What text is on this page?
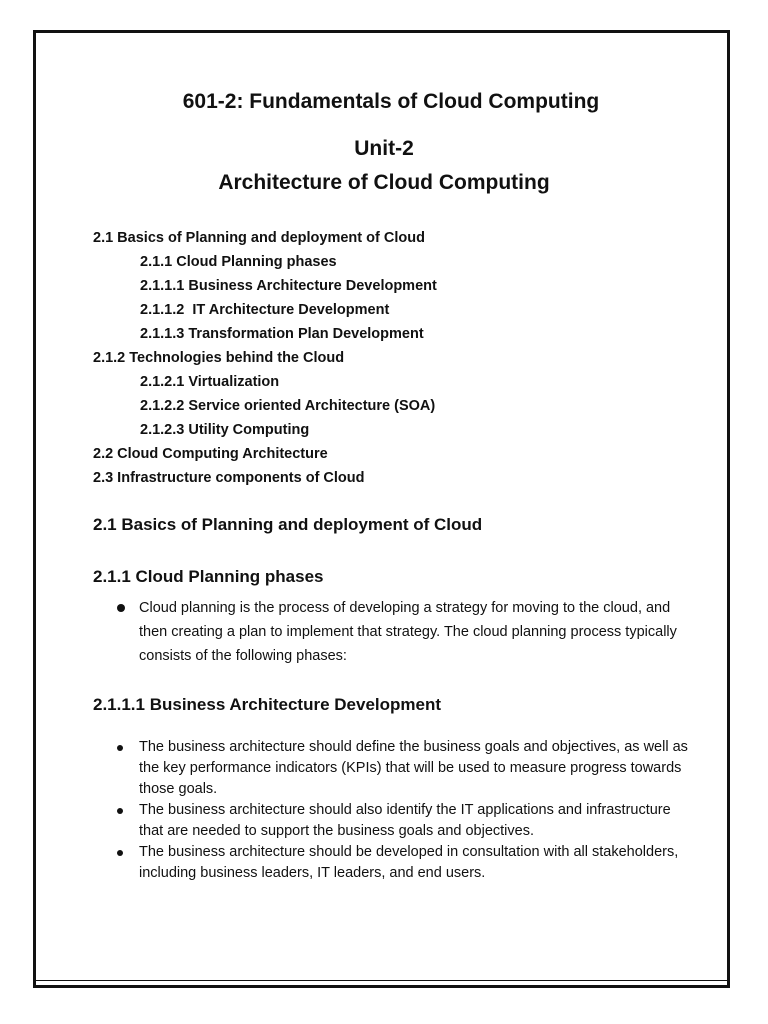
601-2: Fundamentals of Cloud Computing
Unit-2
Architecture of Cloud Computing
2.1 Basics of Planning and deployment of Cloud
2.1.1 Cloud Planning phases
2.1.1.1 Business Architecture Development
2.1.1.2  IT Architecture Development
2.1.1.3 Transformation Plan Development
2.1.2 Technologies behind the Cloud
2.1.2.1 Virtualization
2.1.2.2 Service oriented Architecture (SOA)
2.1.2.3 Utility Computing
2.2 Cloud Computing Architecture
2.3 Infrastructure components of Cloud
2.1 Basics of Planning and deployment of Cloud
2.1.1 Cloud Planning phases
Cloud planning is the process of developing a strategy for moving to the cloud, and then creating a plan to implement that strategy. The cloud planning process typically consists of the following phases:
2.1.1.1 Business Architecture Development
The business architecture should define the business goals and objectives, as well as the key performance indicators (KPIs) that will be used to measure progress towards those goals.
The business architecture should also identify the IT applications and infrastructure that are needed to support the business goals and objectives.
The business architecture should be developed in consultation with all stakeholders, including business leaders, IT leaders, and end users.
